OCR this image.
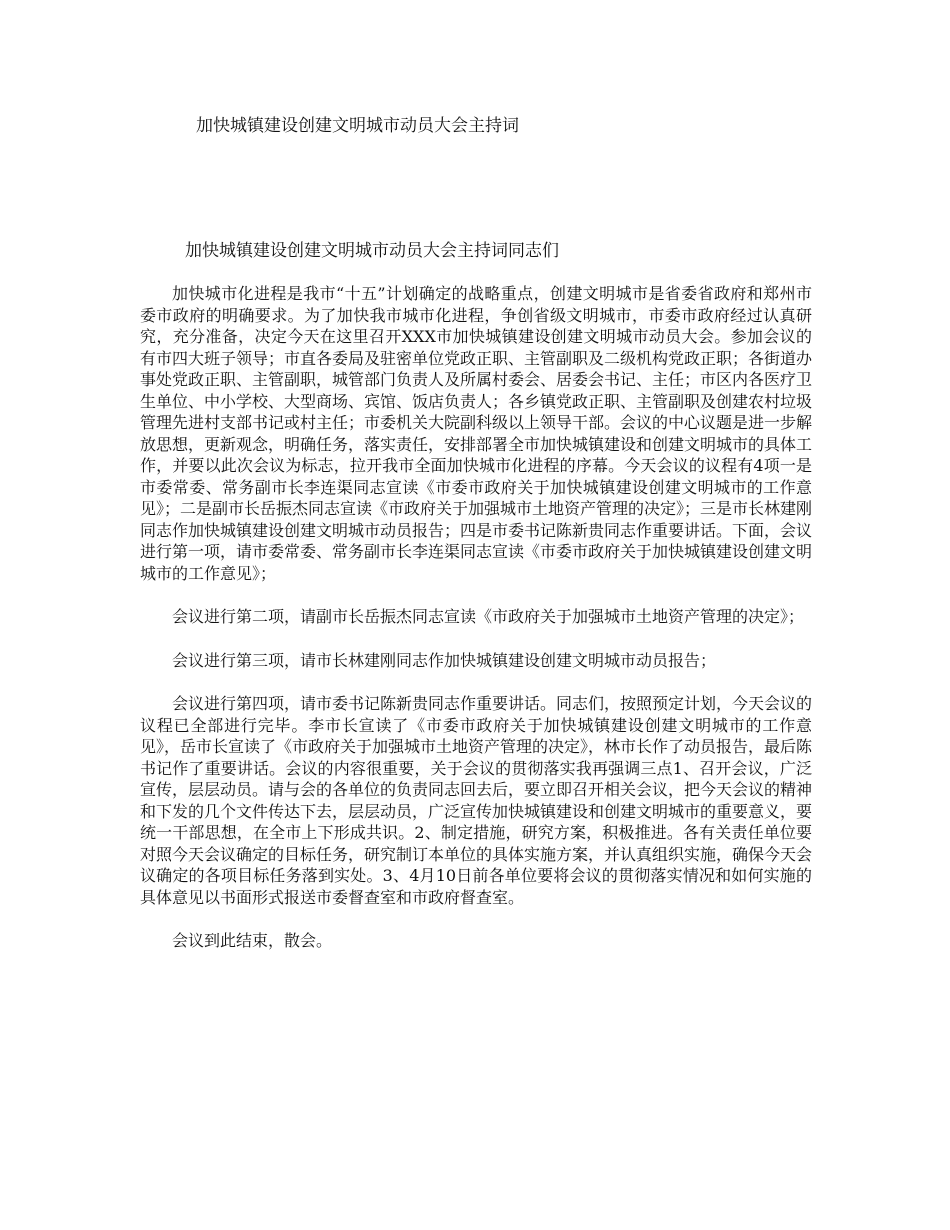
加快城镇建设创建文明城市动员大会主持词
加快城镇建设创建文明城市动员大会主持词同志们

加快城市化进程是我市“十五”计划确定的战略重点，创建文明城市是省委省政府和郑州市委市政府的明确要求。为了加快我市城市化进程，争创省级文明城市，市委市政府经过认真研究，充分准备，决定今天在这里召开XXX市加快城镇建设创建文明城市动员大会。参加会议的有市四大班子领导；市直各委局及驻密单位党政正职、主管副职及二级机构党政正职；各街道办事处党政正职、主管副职，城管部门负责人及所属村委会、居委会书记、主任；市区内各医疗卫生单位、中小学校、大型商场、宾馆、饭店负责人；各乡镇党政正职、主管副职及创建农村垃圾管理先进村支部书记或村主任；市委机关大院副科级以上领导干部。会议的中心议题是进一步解放思想，更新观念，明确任务，落实责任，安排部署全市加快城镇建设和创建文明城市的具体工作，并要以此次会议为标志，拉开我市全面加快城市化进程的序幕。今天会议的议程有4项一是市委常委、常务副市长李连渠同志宣读《市委市政府关于加快城镇建设创建文明城市的工作意见》；二是副市长岳振杰同志宣读《市政府关于加强城市土地资产管理的决定》；三是市长林建刚同志作加快城镇建设创建文明城市动员报告；四是市委书记陈新贵同志作重要讲话。下面，会议进行第一项，请市委常委、常务副市长李连渠同志宣读《市委市政府关于加快城镇建设创建文明城市的工作意见》；

会议进行第二项，请副市长岳振杰同志宣读《市政府关于加强城市土地资产管理的决定》；

会议进行第三项，请市长林建刚同志作加快城镇建设创建文明城市动员报告；

会议进行第四项，请市委书记陈新贵同志作重要讲话。同志们，按照预定计划，今天会议的议程已全部进行完毕。李市长宣读了《市委市政府关于加快城镇建设创建文明城市的工作意见》，岳市长宣读了《市政府关于加强城市土地资产管理的决定》，林市长作了动员报告，最后陈书记作了重要讲话。会议的内容很重要，关于会议的贯彻落实我再强调三点1、召开会议，广泛宣传，层层动员。请与会的各单位的负责同志回去后，要立即召开相关会议，把今天会议的精神和下发的几个文件传达下去，层层动员，广泛宣传加快城镇建设和创建文明城市的重要意义，要统一干部思想，在全市上下形成共识。2、制定措施，研究方案，积极推进。各有关责任单位要对照今天会议确定的目标任务，研究制订本单位的具体实施方案，并认真组织实施，确保今天会议确定的各项目标任务落到实处。3、4月10日前各单位要将会议的贯彻落实情况和如何实施的具体意见以书面形式报送市委督查室和市政府督查室。

会议到此结束，散会。
